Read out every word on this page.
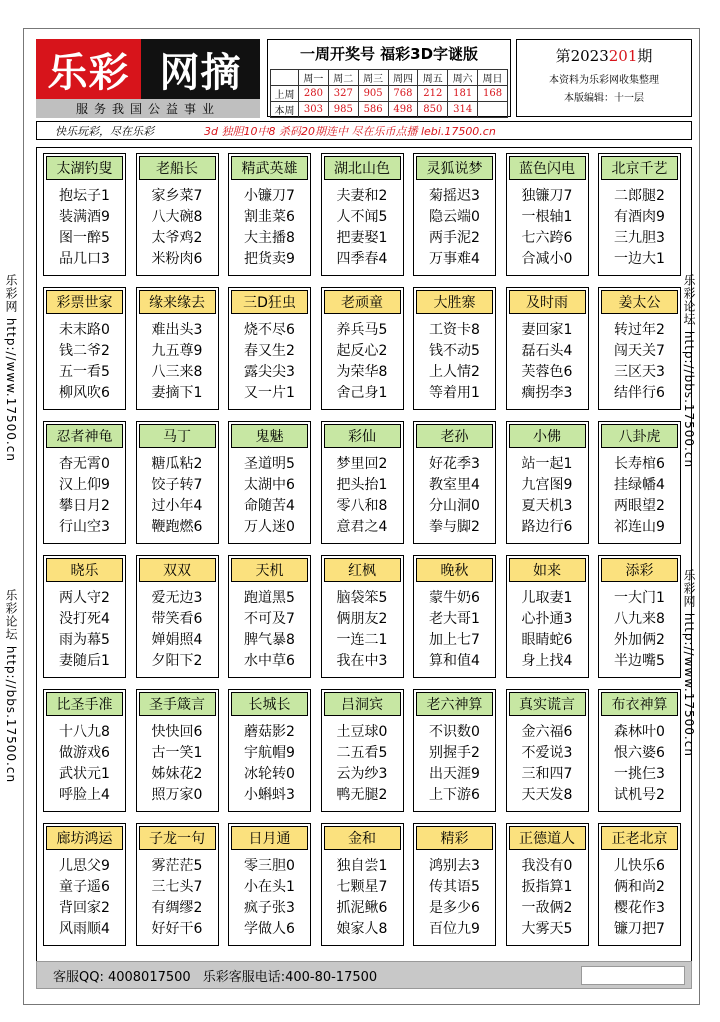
乐彩 网摘
服务我国公益事业
一周开奖号 福彩3D字谜版
	周一	周二	周三	周四	周五	周六	周日
上周	280	327	905	768	212	181	168
本周	303	985	586	498	850	314	
第2023201期
本资料为乐彩网收集整理
本版编辑：十一层
快乐玩彩，尽在乐彩	3d 独胆10中8 杀码20期连中 尽在乐币点播 lebi.17500.cn
乐彩网 http://www.17500.cn
乐彩论坛 http://bbs.17500.cn
乐彩论坛 http://bbs.17500.cn
乐彩网 http://www.17500.cn
太湖钓叟
抱坛子1
装满酒9
图一醉5
品几口3
老船长
家乡菜7
八大碗8
太爷鸡2
米粉肉6
精武英雄
小镰刀7
割韭菜6
大主播8
把货卖9
湖北山色
夫妻和2
人不闻5
把妻娶1
四季春4
灵狐说梦
菊摇迟3
隐云端0
两手泥2
万事难4
蓝色闪电
独镰刀7
一根轴1
七六跨6
合减小0
北京千艺
二郎腿2
有酒肉9
三九胆3
一边大1
彩票世家
未末路0
钱二爷2
五一看5
柳风吹6
缘来缘去
难出头3
九五尊9
八三来8
妻摘下1
三D狂虫
烧不尽6
春又生2
露尖尖3
又一片1
老顽童
养兵马5
起反心2
为荣华8
舍己身1
大胜寨
工资卡8
钱不动5
上人情2
等着用1
及时雨
妻回家1
磊石头4
芙蓉色6
瘸拐李3
姜太公
转过年2
闯天关7
三区天3
结伴行6
忍者神龟
杳无霄0
汉上仰9
攀日月2
行山空3
马丁
糖瓜粘2
饺子转7
过小年4
鞭跑燃6
鬼魅
圣道明5
太湖中6
命随苦4
万人迷0
彩仙
梦里回2
把头抬1
零八和8
意君之4
老孙
好花季3
教室里4
分山洞0
拳与脚2
小佛
站一起1
九宫图9
夏天机3
路边行6
八卦虎
长寿棺6
挂绿幡4
两眼望2
祁连山9
晓乐
两人守2
没打死4
雨为幕5
妻随后1
双双
爱无边3
带笑看6
婵娟照4
夕阳下2
天机
跑道黑5
不可及7
脾气暴8
水中草6
红枫
脑袋笨5
俩朋友2
一连二1
我在中3
晚秋
蒙牛奶6
老大哥1
加上七7
算和值4
如来
儿取妻1
心扑通3
眼睛蛇6
身上找4
添彩
一大门1
八九来8
外加俩2
半边嘴5
比圣手准
十八九8
做游戏6
武状元1
呼脸上4
圣手箴言
快快回6
古一笑1
姊妹花2
照万家0
长城长
蘑菇影2
宇航帽9
冰轮转0
小蝌蚪3
吕洞宾
土豆球0
二五看5
云为纱3
鸭无腿2
老六神算
不识数0
别握手2
出天涯9
上下游6
真实谎言
金六福6
不爱说3
三和四7
天天发8
布衣神算
森林叶0
恨六婆6
一挑仨3
试机号2
廊坊鸿运
儿思父9
童子遥6
背回家2
风雨顺4
子龙一句
雾茫茫5
三七头7
有绸缪2
好好干6
日月通
零三胆0
小在头1
疯子张3
学做人6
金和
独自尝1
七颗星7
抓泥鳅6
娘家人8
精彩
鸿别去3
传其语5
是多少6
百位九9
正德道人
我没有0
扳指算1
一敌俩2
大雾天5
正老北京
儿快乐6
俩和尚2
樱花作3
镰刀把7
客服QQ: 4008017500 乐彩客服电话:400-80-17500
